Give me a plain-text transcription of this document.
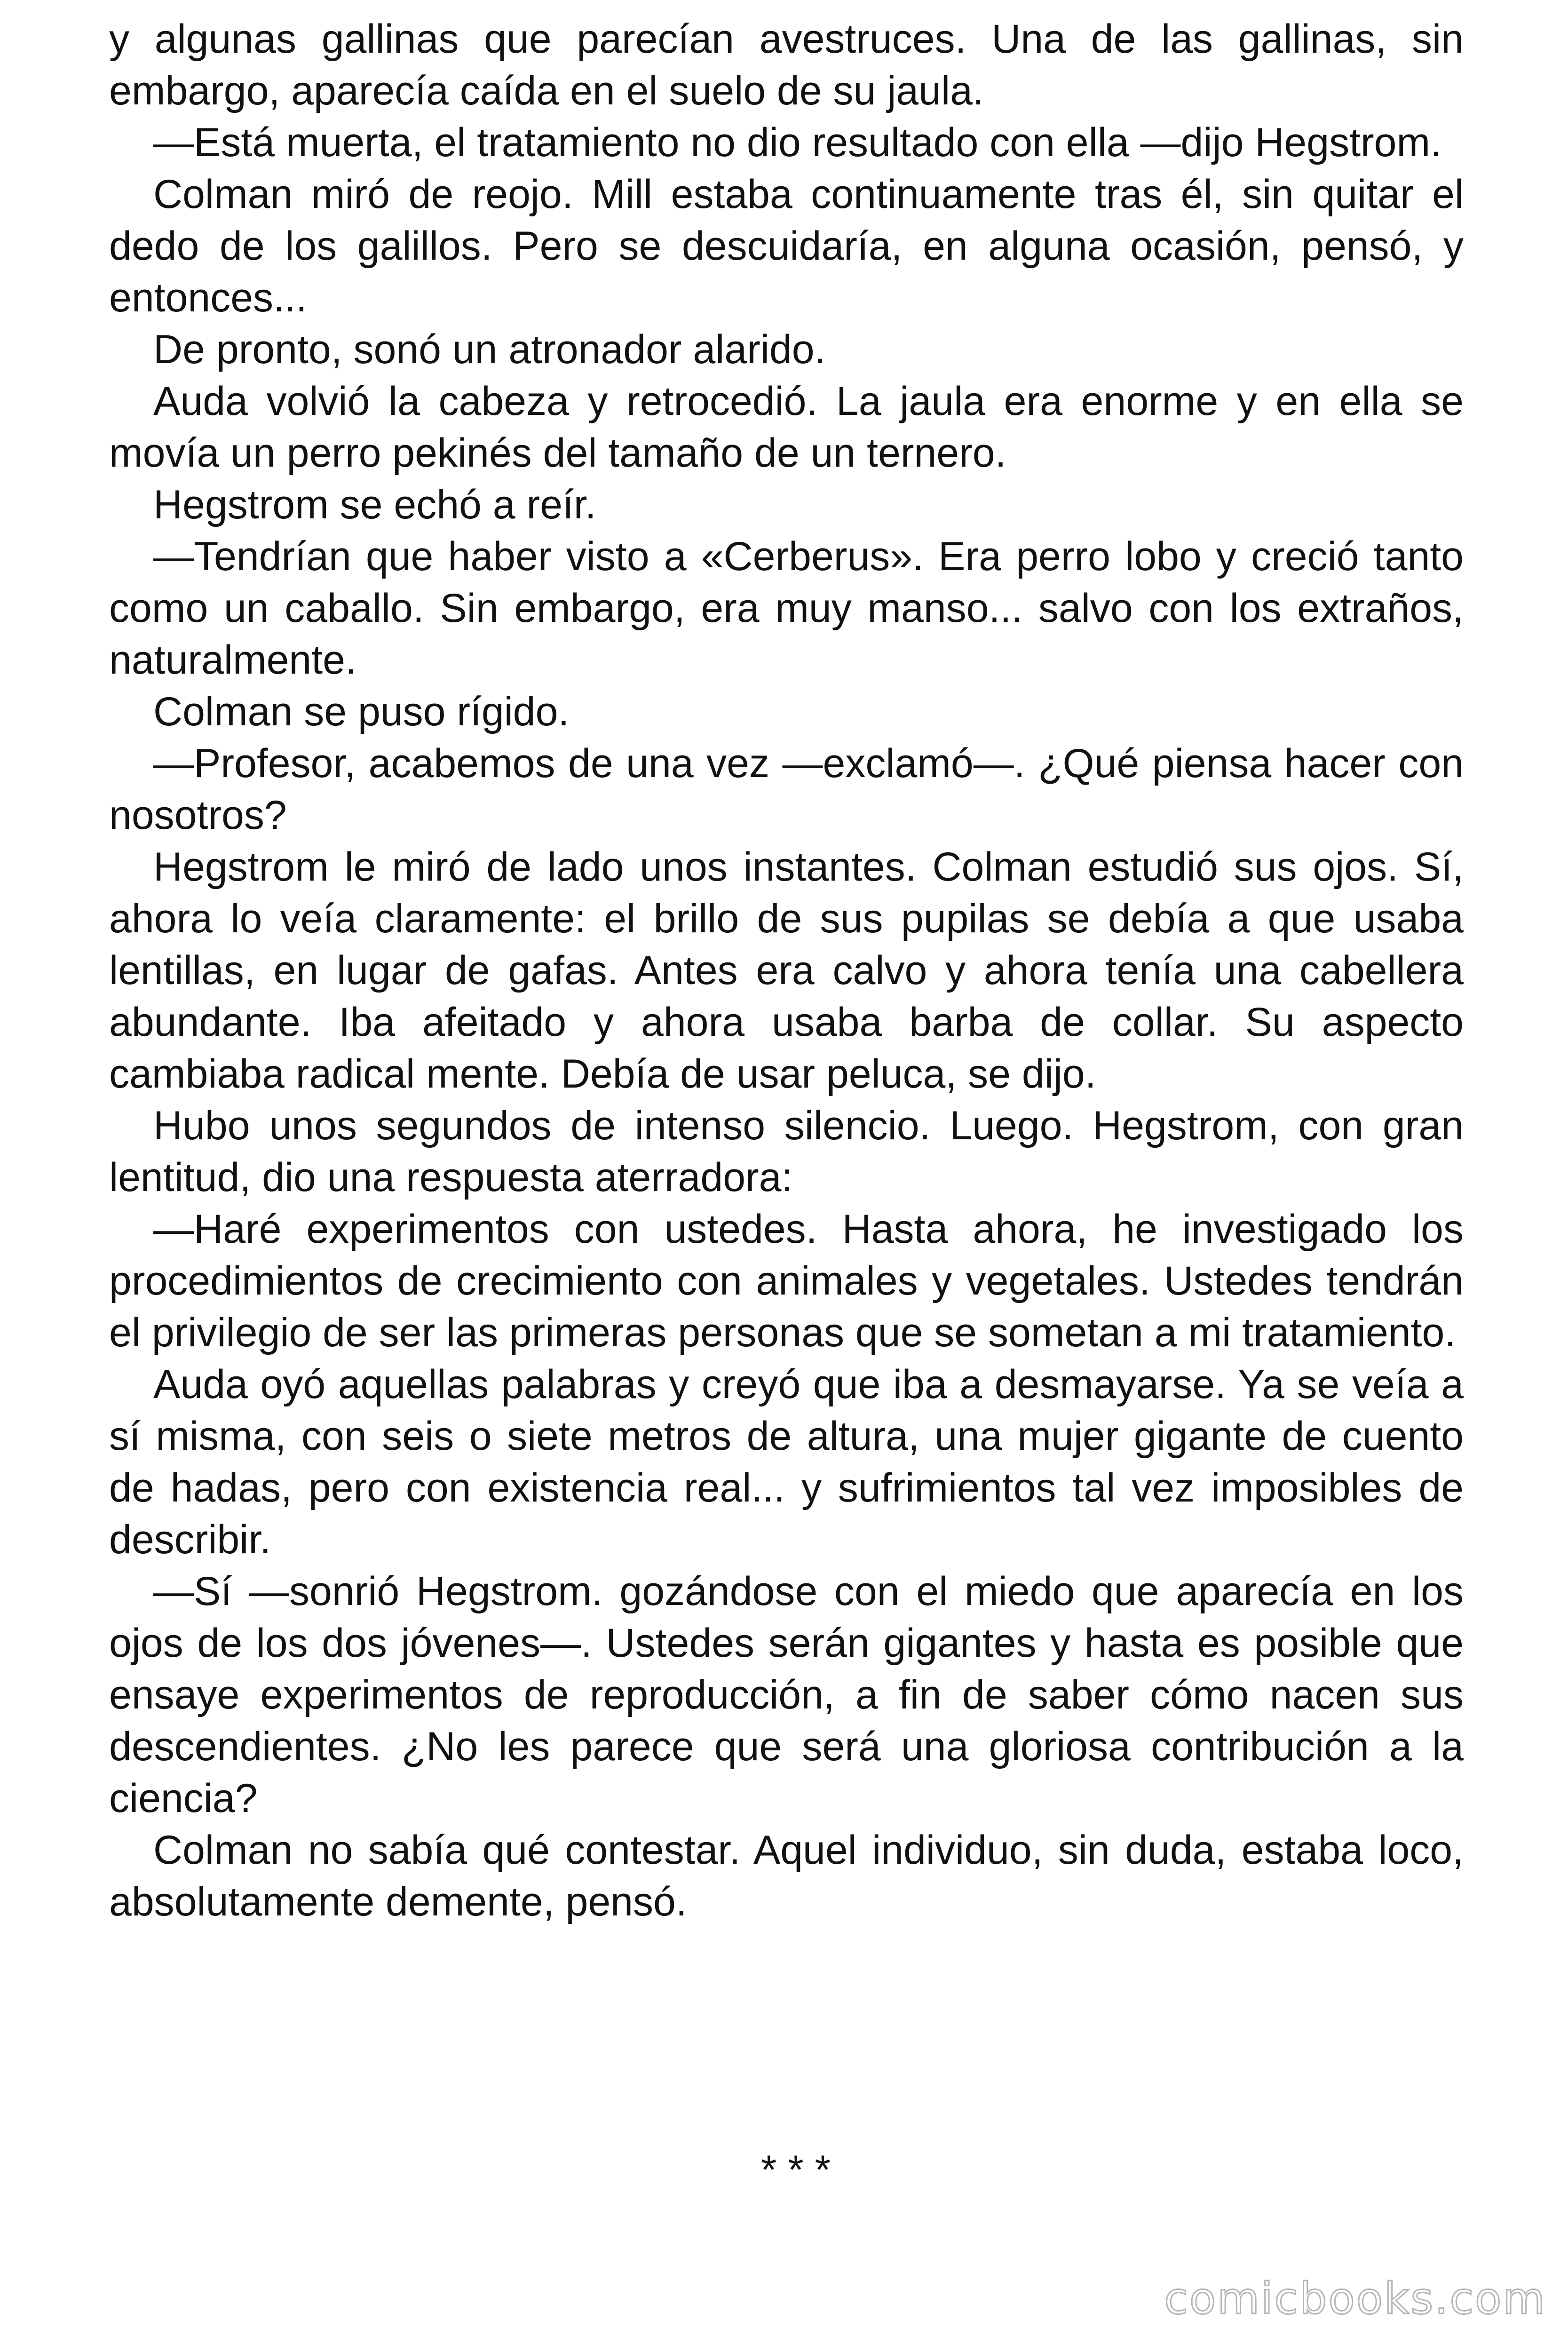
y algunas gallinas que parecían avestruces. Una de las gallinas, sin embargo, aparecía caída en el suelo de su jaula.

—Está muerta, el tratamiento no dio resultado con ella —dijo Hegstrom.

Colman miró de reojo. Mill estaba continuamente tras él, sin quitar el dedo de los galillos. Pero se descuidaría, en alguna ocasión, pensó, y entonces...

De pronto, sonó un atronador alarido.

Auda volvió la cabeza y retrocedió. La jaula era enorme y en ella se movía un perro pekinés del tamaño de un ternero.

Hegstrom se echó a reír.

—Tendrían que haber visto a «Cerberus». Era perro lobo y creció tanto como un caballo. Sin embargo, era muy manso... salvo con los extraños, naturalmente.

Colman se puso rígido.

—Profesor, acabemos de una vez —exclamó—. ¿Qué piensa hacer con nosotros?

Hegstrom le miró de lado unos instantes. Colman estudió sus ojos. Sí, ahora lo veía claramente: el brillo de sus pupilas se debía a que usaba lentillas, en lugar de gafas. Antes era calvo y ahora tenía una cabellera abundante. Iba afeitado y ahora usaba barba de collar. Su aspecto cambiaba radical mente. Debía de usar peluca, se dijo.

Hubo unos segundos de intenso silencio. Luego. Hegstrom, con gran lentitud, dio una respuesta aterradora:

—Haré experimentos con ustedes. Hasta ahora, he investigado los procedimientos de crecimiento con animales y vegetales. Ustedes tendrán el privilegio de ser las primeras personas que se sometan a mi tratamiento.

Auda oyó aquellas palabras y creyó que iba a desmayarse. Ya se veía a sí misma, con seis o siete metros de altura, una mujer gigante de cuento de hadas, pero con existencia real... y sufrimientos tal vez imposibles de describir.

—Sí —sonrió Hegstrom. gozándose con el miedo que aparecía en los ojos de los dos jóvenes—. Ustedes serán gigantes y hasta es posible que ensaye experimentos de reproducción, a fin de saber cómo nacen sus descendientes. ¿No les parece que será una gloriosa contribución a la ciencia?

Colman no sabía qué contestar. Aquel individuo, sin duda, estaba loco, absolutamente demente, pensó.

* * *
comicbooks.com
